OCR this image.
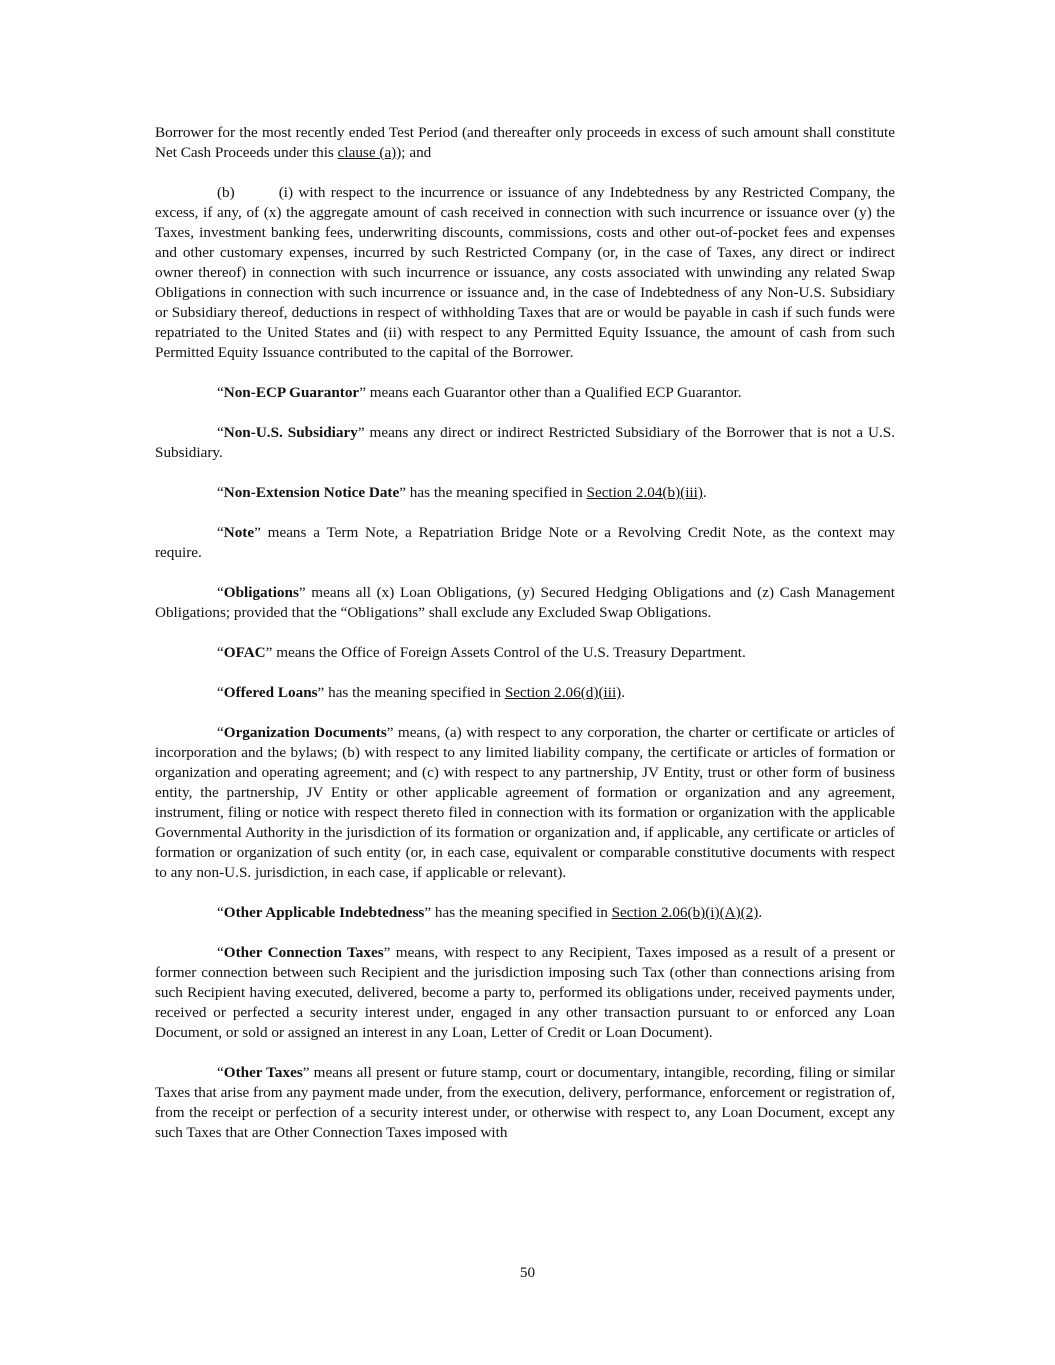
Borrower for the most recently ended Test Period (and thereafter only proceeds in excess of such amount shall constitute Net Cash Proceeds under this clause (a)); and

(b)	(i) with respect to the incurrence or issuance of any Indebtedness by any Restricted Company, the excess, if any, of (x) the aggregate amount of cash received in connection with such incurrence or issuance over (y) the Taxes, investment banking fees, underwriting discounts, commissions, costs and other out-of-pocket fees and expenses and other customary expenses, incurred by such Restricted Company (or, in the case of Taxes, any direct or indirect owner thereof) in connection with such incurrence or issuance, any costs associated with unwinding any related Swap Obligations in connection with such incurrence or issuance and, in the case of Indebtedness of any Non-U.S. Subsidiary or Subsidiary thereof, deductions in respect of withholding Taxes that are or would be payable in cash if such funds were repatriated to the United States and (ii) with respect to any Permitted Equity Issuance, the amount of cash from such Permitted Equity Issuance contributed to the capital of the Borrower.

“Non-ECP Guarantor” means each Guarantor other than a Qualified ECP Guarantor.

“Non-U.S. Subsidiary” means any direct or indirect Restricted Subsidiary of the Borrower that is not a U.S. Subsidiary.

“Non-Extension Notice Date” has the meaning specified in Section 2.04(b)(iii).

“Note” means a Term Note, a Repatriation Bridge Note or a Revolving Credit Note, as the context may require.

“Obligations” means all (x) Loan Obligations, (y) Secured Hedging Obligations and (z) Cash Management Obligations; provided that the “Obligations” shall exclude any Excluded Swap Obligations.

“OFAC” means the Office of Foreign Assets Control of the U.S. Treasury Department.

“Offered Loans” has the meaning specified in Section 2.06(d)(iii).

“Organization Documents” means, (a) with respect to any corporation, the charter or certificate or articles of incorporation and the bylaws; (b) with respect to any limited liability company, the certificate or articles of formation or organization and operating agreement; and (c) with respect to any partnership, JV Entity, trust or other form of business entity, the partnership, JV Entity or other applicable agreement of formation or organization and any agreement, instrument, filing or notice with respect thereto filed in connection with its formation or organization with the applicable Governmental Authority in the jurisdiction of its formation or organization and, if applicable, any certificate or articles of formation or organization of such entity (or, in each case, equivalent or comparable constitutive documents with respect to any non-U.S. jurisdiction, in each case, if applicable or relevant).

“Other Applicable Indebtedness” has the meaning specified in Section 2.06(b)(i)(A)(2).

“Other Connection Taxes” means, with respect to any Recipient, Taxes imposed as a result of a present or former connection between such Recipient and the jurisdiction imposing such Tax (other than connections arising from such Recipient having executed, delivered, become a party to, performed its obligations under, received payments under, received or perfected a security interest under, engaged in any other transaction pursuant to or enforced any Loan Document, or sold or assigned an interest in any Loan, Letter of Credit or Loan Document).

“Other Taxes” means all present or future stamp, court or documentary, intangible, recording, filing or similar Taxes that arise from any payment made under, from the execution, delivery, performance, enforcement or registration of, from the receipt or perfection of a security interest under, or otherwise with respect to, any Loan Document, except any such Taxes that are Other Connection Taxes imposed with

50
